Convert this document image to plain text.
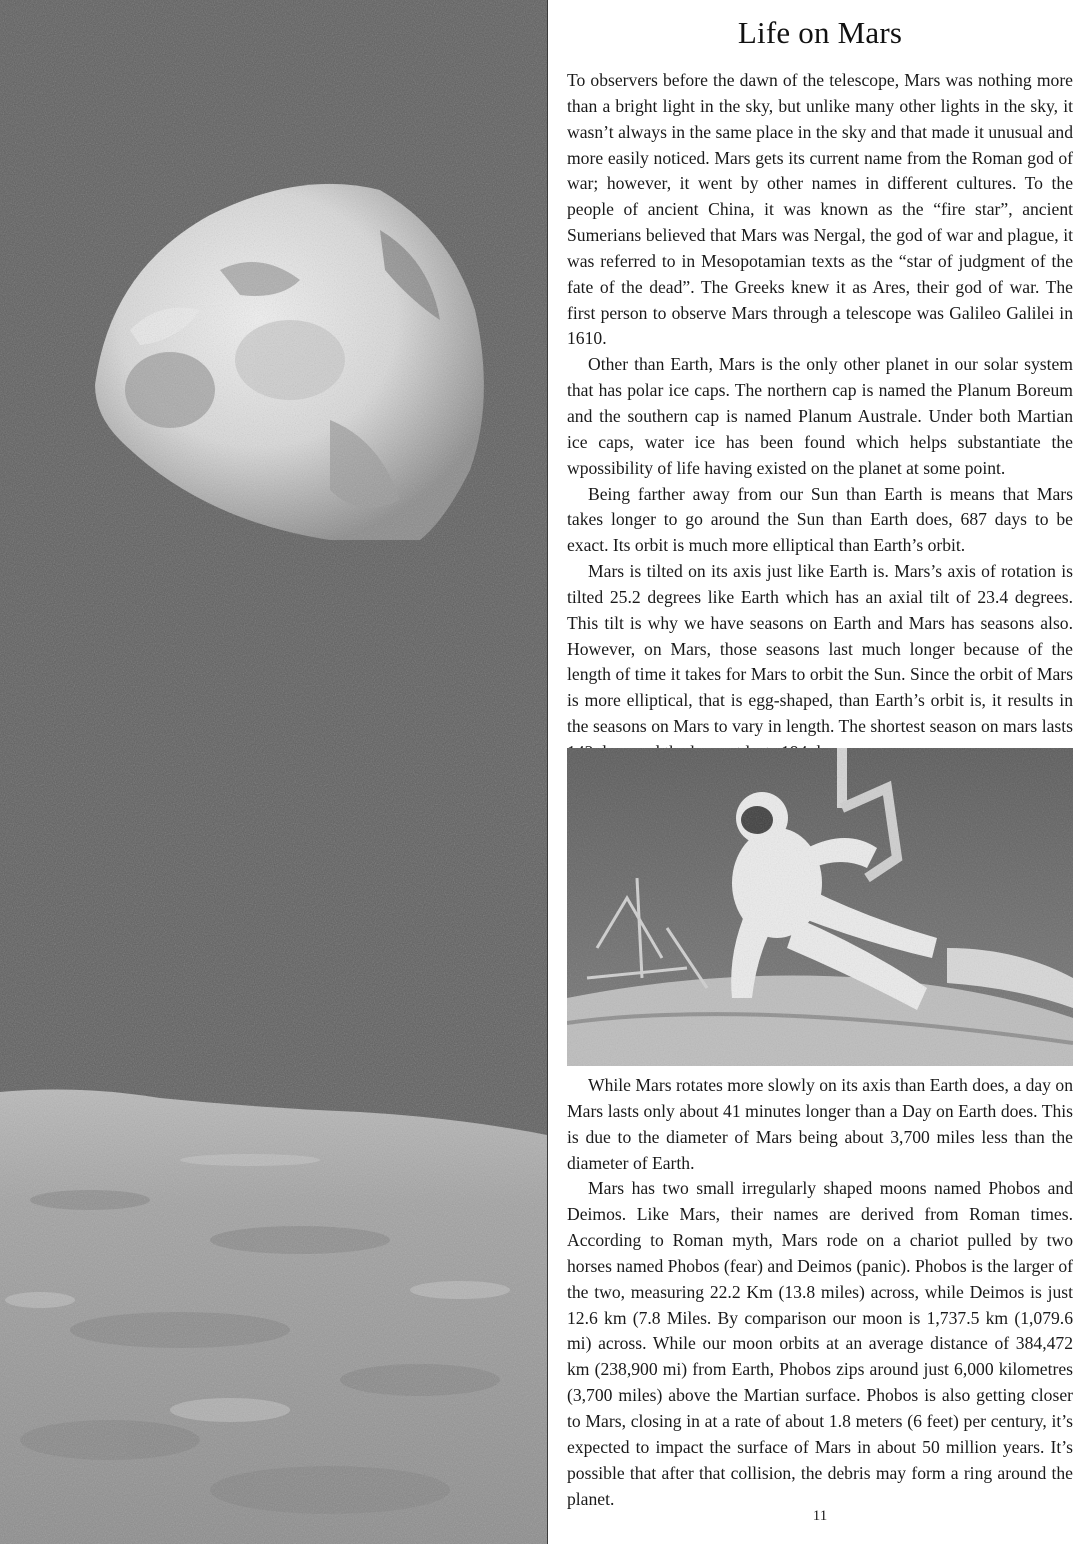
Life on Mars

To observers before the dawn of the telescope, Mars was nothing more than a bright light in the sky, but unlike many other lights in the sky, it wasn’t always in the same place in the sky and that made it unusual and more easily noticed. Mars gets its current name from the Roman god of war; however, it went by other names in different cultures. To the people of ancient China, it was known as the “fire star”, ancient Sumerians believed that Mars was Nergal, the god of war and plague, it was referred to in Mesopotamian texts as the “star of judgment of the fate of the dead”. The Greeks knew it as Ares, their god of war. The first person to observe Mars through a telescope was Galileo Galilei in 1610.

Other than Earth, Mars is the only other planet in our solar system that has polar ice caps. The northern cap is named the Planum Boreum and the southern cap is named Planum Australe. Under both Martian ice caps, water ice has been found which helps substantiate the wpossibility of life having existed on the planet at some point.

Being farther away from our Sun than Earth is means that Mars takes longer to go around the Sun than Earth does, 687 days to be exact. Its orbit is much more elliptical than Earth’s orbit.

Mars is tilted on its axis just like Earth is. Mars’s axis of rotation is tilted 25.2 degrees like Earth which has an axial tilt of 23.4 degrees. This tilt is why we have seasons on Earth and Mars has seasons also. However, on Mars, those seasons last much longer because of the length of time it takes for Mars to orbit the Sun. Since the orbit of Mars is more elliptical, that is egg-shaped, than Earth’s orbit is, it results in the seasons on Mars to vary in length. The shortest season on mars lasts

While Mars rotates more slowly on its axis than Earth does, a day on Mars lasts only about 41 minutes longer than a Day on Earth does. This is due to the diameter of Mars being about 3,700 miles less than the diameter of Earth.

Mars has two small irregularly shaped moons named Phobos and Deimos. Like Mars, their names are derived from Roman times. According to Roman myth, Mars rode on a chariot pulled by two horses named Phobos (fear) and Deimos (panic). Phobos is the larger of the two, measuring 22.2 Km (13.8 miles) across, while Deimos is just 12.6 km (7.8 Miles. By comparison our moon is 1,737.5 km (1,079.6 mi) across. While our moon orbits at an average distance of 384,472 km (238,900 mi) from Earth, Phobos zips around just 6,000 kilometres (3,700 miles) above the Martian surface. Phobos is also getting closer to Mars, closing in at a rate of about 1.8 meters (6 feet) per century, it’s expected to impact the surface of Mars in about 50 million years. It’s possible that after that collision, the debris may form a ring around the planet.

11
